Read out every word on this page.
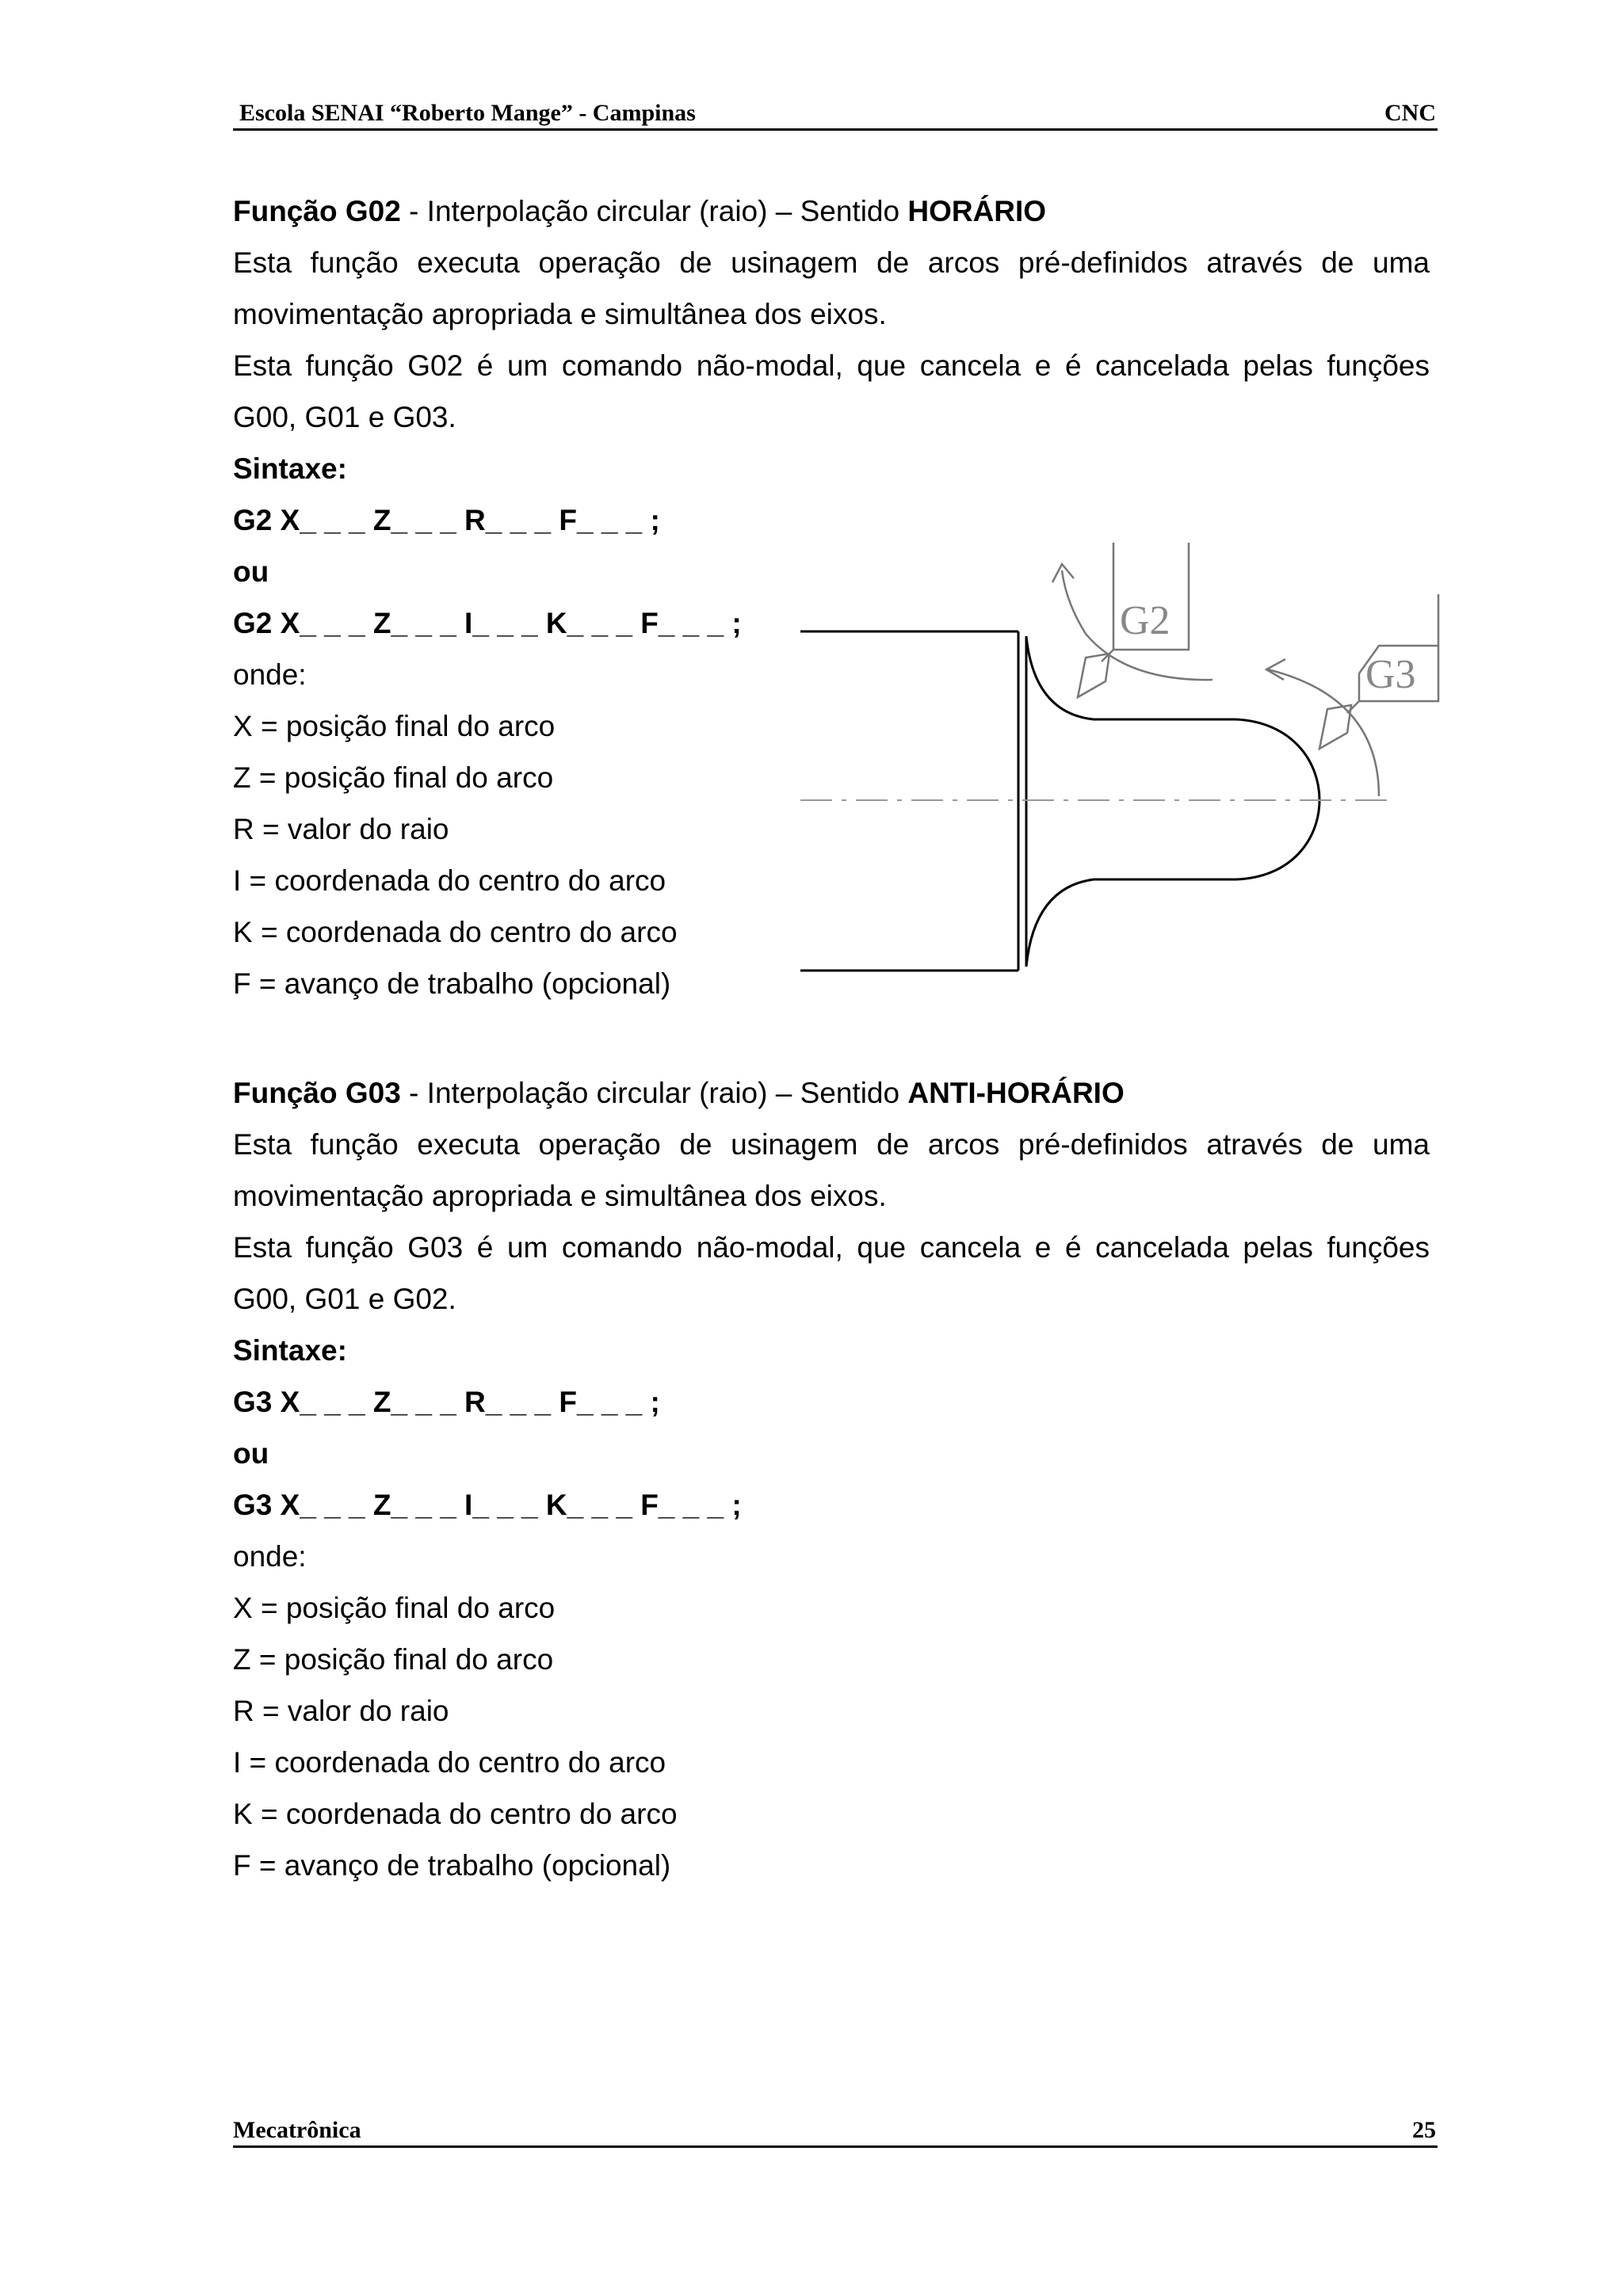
Escola SENAI “Roberto Mange” - Campinas	CNC
Função G02 - Interpolação circular (raio) – Sentido HORÁRIO
Esta função executa operação de usinagem de arcos pré-definidos através de uma
movimentação apropriada e simultânea dos eixos.
Esta função G02 é um comando não-modal, que cancela e é cancelada pelas funções
G00, G01 e G03.
Sintaxe:
G2 X_ _ _ Z_ _ _ R_ _ _ F_ _ _ ;
ou
G2 X_ _ _ Z_ _ _ I_ _ _ K_ _ _ F_ _ _ ;
onde:
X = posição final do arco
Z = posição final do arco
R = valor do raio
I = coordenada do centro do arco
K = coordenada do centro do arco
F = avanço de trabalho (opcional)
G2
G3
Função G03 - Interpolação circular (raio) – Sentido ANTI-HORÁRIO
Esta função executa operação de usinagem de arcos pré-definidos através de uma
movimentação apropriada e simultânea dos eixos.
Esta função G03 é um comando não-modal, que cancela e é cancelada pelas funções
G00, G01 e G02.
Sintaxe:
G3 X_ _ _ Z_ _ _ R_ _ _ F_ _ _ ;
ou
G3 X_ _ _ Z_ _ _ I_ _ _ K_ _ _ F_ _ _ ;
onde:
X = posição final do arco
Z = posição final do arco
R = valor do raio
I = coordenada do centro do arco
K = coordenada do centro do arco
F = avanço de trabalho (opcional)
Mecatrônica	25
